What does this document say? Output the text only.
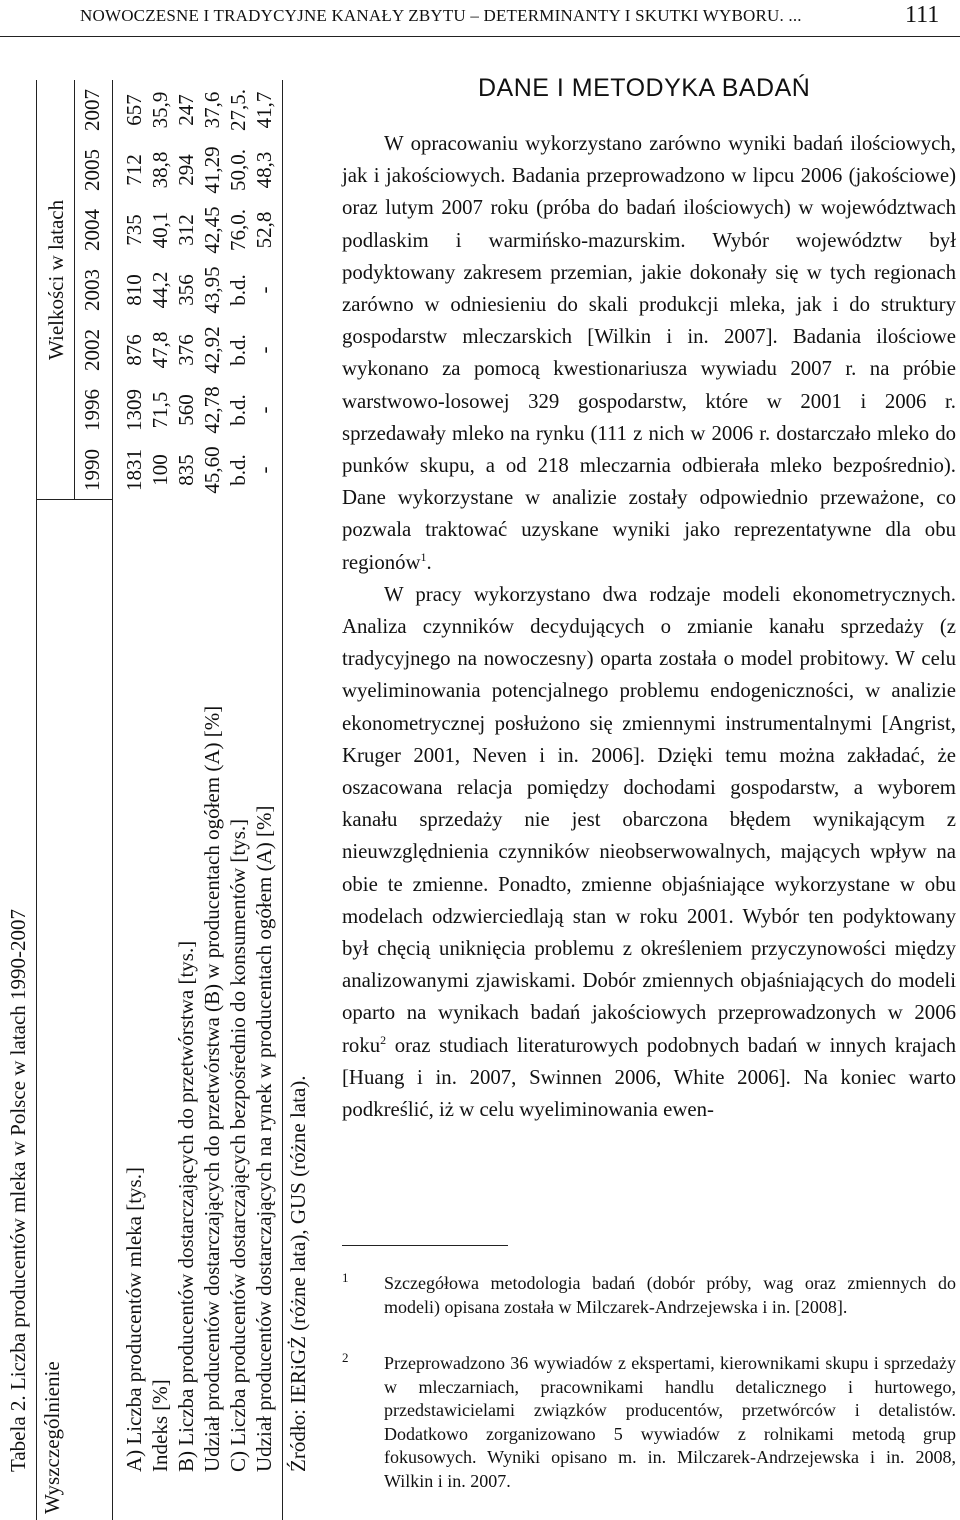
NOWOCZESNE I TRADYCYJNE KANAŁY ZBYTU – DETERMINANTY I SKUTKI WYBORU. ...	111
Tabela 2. Liczba producentów mleka w Polsce w latach 1990-2007 Wyszczególnienie
Wielkości w latach
1990
1996
2002
2003
2004
2005
2007
A) Liczba producentów mleka [tys.]
1831
1309
876
810
735
712
657
Indeks [%]
100
71,5
47,8
44,2
40,1
38,8
35,9
B) Liczba producentów dostarczających do przetwórstwa [tys.]
835
560
376
356
312
294
247
Udział producentów dostarczających do przetwórstwa (B) w producentach ogółem (A) [%]
45,60
42,78
42,92
43,95
42,45
41,29
37,6
C) Liczba producentów dostarczających bezpośrednio do konsumentów [tys.]
b.d.
b.d.
b.d.
b.d.
76,0.
50,0.
27,5.
Udział producentów dostarczających na rynek w producentach ogółem (A) [%]
-
-
-
-
52,8
48,3
41,7
Źródło: IERiGŻ (różne lata), GUS (różne lata).
DANE I METODYKA BADAŃ

W opracowaniu wykorzystano zarówno wyniki badań ilościowych, jak i jakościowych. Badania przeprowadzono w lipcu 2006 (jakościowe) oraz lutym 2007 roku (próba do badań ilościowych) w województwach podlaskim i warmińsko-mazurskim. Wybór województw był podyktowany zakresem przemian, jakie dokonały się w tych regionach zarówno w odniesieniu do skali produkcji mleka, jak i do struktury gospodarstw mleczarskich [Wilkin i in. 2007]. Badania ilościowe wykonano za pomocą kwestionariusza wywiadu 2007 r. na próbie warstwowo-losowej 329 gospodarstw, które w 2001 i 2006 r. sprzedawały mleko na rynku (111 z nich w 2006 r. dostarczało mleko do punków skupu, a od 218 mleczarnia odbierała mleko bezpośrednio). Dane wykorzystane w analizie zostały odpowiednio przeważone, co pozwala traktować uzyskane wyniki jako reprezentatywne dla obu regionów$^1$.

W pracy wykorzystano dwa rodzaje modeli ekonometrycznych. Analiza czynników decydujących o zmianie kanału sprzedaży (z tradycyjnego na nowoczesny) oparta została o model probitowy. W celu wyeliminowania potencjalnego problemu endogeniczności, w analizie ekonometrycznej posłużono się zmiennymi instrumentalnymi [Angrist, Kruger 2001, Neven i in. 2006]. Dzięki temu można zakładać, że oszacowana relacja pomiędzy dochodami gospodarstw, a wyborem kanału sprzedaży nie jest obarczona błędem wynikającym z nieuwzględnienia czynników nieobserwowalnych, mających wpływ na obie te zmienne. Ponadto, zmienne objaśniające wykorzystane w obu modelach odzwierciedlają stan w roku 2001. Wybór ten podyktowany był chęcią uniknięcia problemu z określeniem przyczynowości między analizowanymi zjawiskami. Dobór zmiennych objaśniających do modeli oparto na wynikach badań jakościowych przeprowadzonych w 2006 roku$^2$ oraz studiach literaturowych podobnych badań w innych krajach [Huang i in. 2007, Swinnen 2006, White 2006]. Na koniec warto podkreślić, iż w celu wyeliminowania ewen-

1 Szczegółowa metodologia badań (dobór próby, wag oraz zmiennych do modeli) opisana została w Milczarek-Andrzejewska i in. [2008].
2 Przeprowadzono 36 wywiadów z ekspertami, kierownikami skupu i sprzedaży w mleczarniach, pracownikami handlu detalicznego i hurtowego, przedstawicielami związków producentów, przetwórców i detalistów. Dodatkowo zorganizowano 5 wywiadów z rolnikami metodą grup fokusowych. Wyniki opisano m. in. Milczarek-Andrzejewska i in. 2008, Wilkin i in. 2007.
